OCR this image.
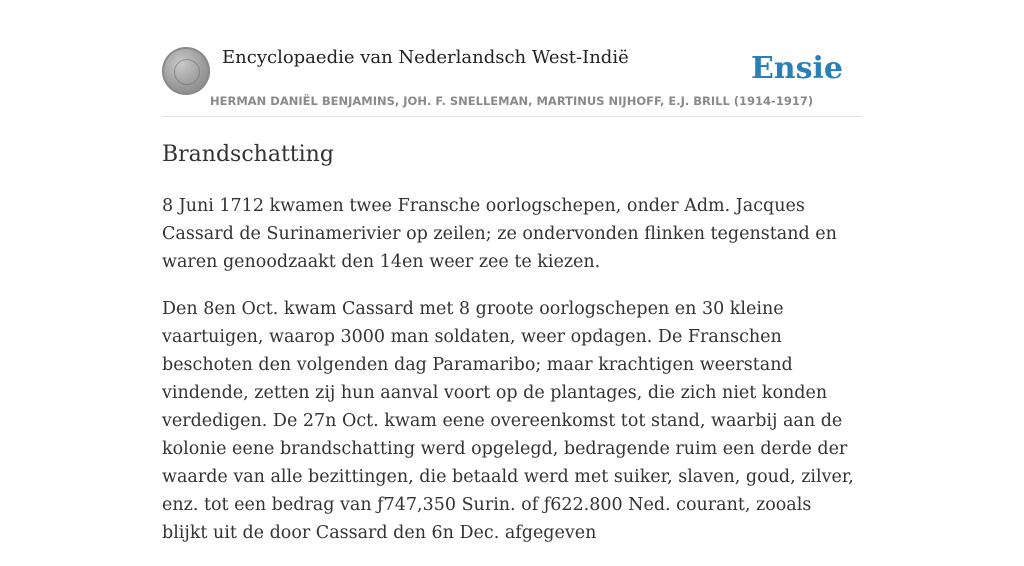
Encyclopaedie van Nederlandsch West-Indië	Ensie
HERMAN DANIËL BENJAMINS, JOH. F. SNELLEMAN, MARTINUS NIJHOFF, E.J. BRILL (1914-1917)
Brandschatting

8 Juni 1712 kwamen twee Fransche oorlogschepen, onder Adm. Jacques Cassard de Surinamerivier op zeilen; ze ondervonden flinken tegenstand en waren genoodzaakt den 14en weer zee te kiezen.

Den 8en Oct. kwam Cassard met 8 groote oorlogschepen en 30 kleine vaartuigen, waarop 3000 man soldaten, weer opdagen. De Franschen beschoten den volgenden dag Paramaribo; maar krachtigen weerstand vindende, zetten zij hun aanval voort op de plantages, die zich niet konden verdedigen. De 27n Oct. kwam eene overeenkomst tot stand, waarbij aan de kolonie eene brandschatting werd opgelegd, bedragende ruim een derde der waarde van alle bezittingen, die betaald werd met suiker, slaven, goud, zilver, enz. tot een bedrag van ƒ747,350 Surin. of ƒ622.800 Ned. courant, zooals blijkt uit de door Cassard den 6n Dec. afgegeven
